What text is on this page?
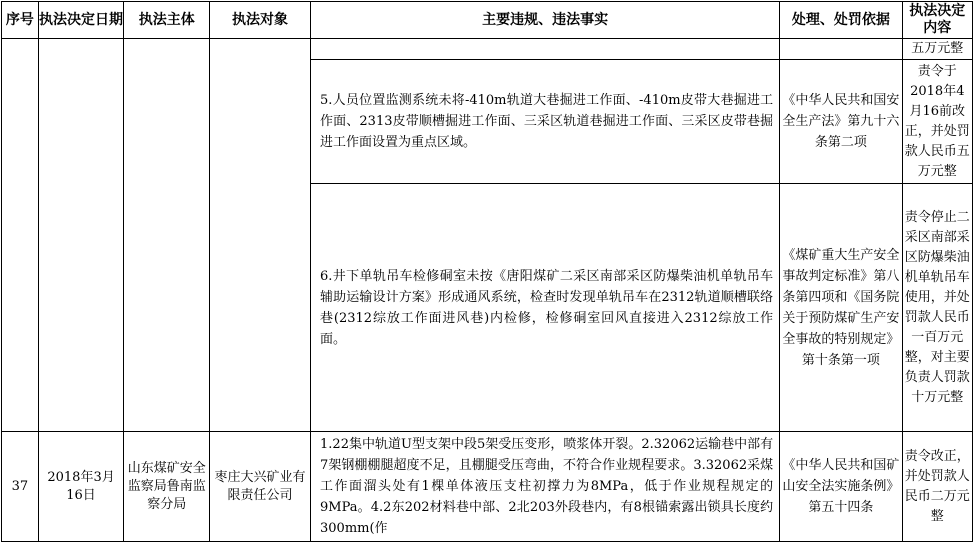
序号	执法决定日期	执法主体	执法对象	主要违规、违法事实	处理、处罚依据	执法决定内容
						五万元整
				5.人员位置监测系统未将-410m轨道大巷掘进工作面、-410m皮带大巷掘进工作面、2313皮带顺槽掘进工作面、三采区轨道巷掘进工作面、三采区皮带巷掘进工作面设置为重点区域。	《中华人民共和国安全生产法》第九十六条第二项	责令于2018年4月16前改正，并处罚款人民币五万元整
				6.井下单轨吊车检修硐室未按《唐阳煤矿二采区南部采区防爆柴油机单轨吊车辅助运输设计方案》形成通风系统，检查时发现单轨吊车在2312轨道顺槽联络巷(2312综放工作面进风巷)内检修，检修硐室回风直接进入2312综放工作面。	《煤矿重大生产安全事故判定标准》第八条第四项和《国务院关于预防煤矿生产安全事故的特别规定》第十条第一项	责令停止二采区南部采区防爆柴油机单轨吊车使用，并处罚款人民币一百万元整，对主要负责人罚款十万元整
37	2018年3月16日	山东煤矿安全监察局鲁南监察分局	枣庄大兴矿业有限责任公司	1.22集中轨道U型支架中段5架受压变形，喷浆体开裂。2.32062运输巷中部有7架钢棚棚腿超度不足，且棚腿受压弯曲，不符合作业规程要求。3.32062采煤工作面溜头处有1棵单体液压支柱初撑力为8MPa，低于作业规程规定的9MPa。4.2东202材料巷中部、2北203外段巷内，有8根锚索露出锁具长度约300mm(作	《中华人民共和国矿山安全法实施条例》第五十四条	责令改正，并处罚款人民币二万元整
